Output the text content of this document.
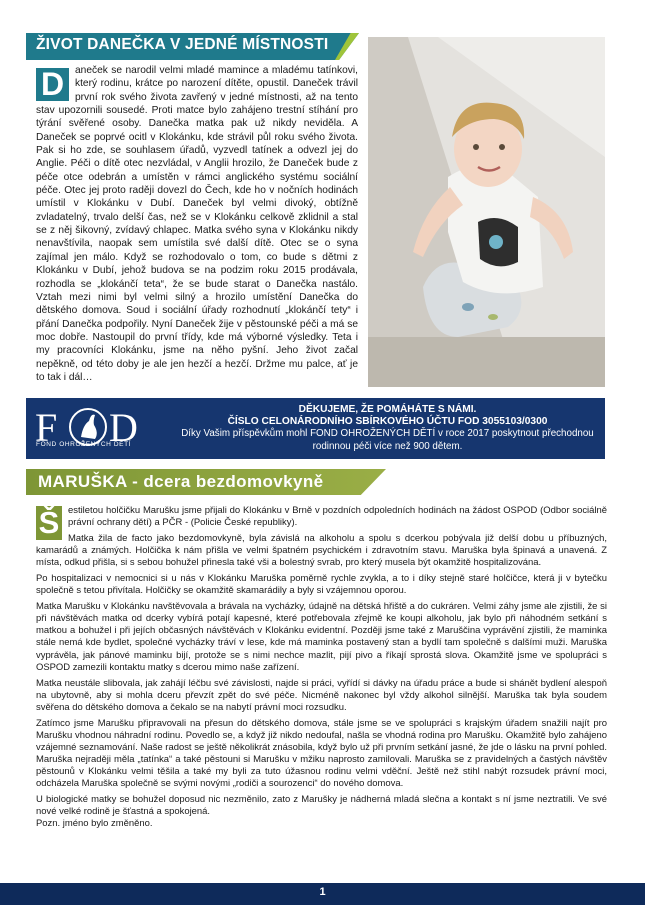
ŽIVOT DANEČKA V JEDNÉ MÍSTNOSTI
D	aneček se narodil velmi mladé mamince a mladému tatínkovi, který rodinu, krátce po narození dítěte, opustil. Daneček trávil první rok svého života zavřený v jedné místnosti, až na tento stav upozornili sousedé. Proti matce bylo zahájeno trestní stíhání pro týrání svěřené osoby. Danečka matka pak už nikdy neviděla. A Daneček se poprvé ocitl v Klokánku, kde strávil půl roku svého života. Pak si ho zde, se souhlasem úřadů, vyzvedl tatínek a odvezl jej do Anglie. Péči o dítě otec nezvládal, v Anglii hrozilo, že Daneček bude z péče otce odebrán a umístěn v rámci anglického systému sociální péče. Otec jej proto raději dovezl do Čech, kde ho v nočních hodinách umístil v Klokánku v Dubí. Daneček byl velmi divoký, obtížně zvladatelný, trvalo delší čas, než se v Klokánku celkově zklidnil a stal se z něj šikovný, zvídavý chlapec. Matka svého syna v Klokánku nikdy nenavštívila, naopak sem umístila své další dítě. Otec se o syna zajímal jen málo. Když se rozhodovalo o tom, co bude s dětmi z Klokánku v Dubí, jehož budova se na podzim roku 2015 prodávala, rozhodla se „klokánčí teta“, že se bude starat o Danečka nastálo. Vztah mezi nimi byl velmi silný a hrozilo umístění Danečka do dětského domova. Soud i sociální úřady rozhodnutí „klokánčí tety“ i přání Danečka podpořily. Nyní Daneček žije v pěstounské péči a má se moc dobře. Nastoupil do první třídy, kde má výborné výsledky. Teta i my pracovníci Klokánku, jsme na něho pyšní. Jeho život začal nepěkně, od této doby je ale jen hezčí a hezčí. Držme mu palce, ať je to tak i dál…
F D
FOND OHROŽENÝCH DĚTÍ
DĚKUJEME, ŽE POMÁHÁTE S NÁMI.
ČÍSLO CELONÁRODNÍHO SBÍRKOVÉHO ÚČTU FOD 3055103/0300
Díky Vašim příspěvkům mohl FOND OHROŽENÝCH DĚTÍ v roce 2017 poskytnout přechodnou rodinnou péči více než 900 dětem.
MARUŠKA - dcera bezdomovkyně

Š estiletou holčičku Marušku jsme přijali do Klokánku v Brně v pozdních odpoledních hodinách na žádost OSPOD (Odbor sociálně právní ochrany dětí) a PČR - (Policie České republiky).

Matka žila de facto jako bezdomovkyně, byla závislá na alkoholu a spolu s dcerkou pobývala již delší dobu u příbuzných, kamarádů a známých. Holčička k nám přišla ve velmi špatném psychickém i zdravotním stavu. Maruška byla špinavá a unavená. Z místa, odkud přišla, si s sebou bohužel přinesla také vši a bolestný svrab, pro který musela být okamžitě hospitalizována.

Po hospitalizaci v nemocnici si u nás v Klokánku Maruška poměrně rychle zvykla, a to i díky stejně staré holčičce, která ji v bytečku společně s tetou přivítala. Holčičky se okamžitě skamarádily a byly si vzájemnou oporou.

Matka Marušku v Klokánku navštěvovala a brávala na vycházky, údajně na dětská hřiště a do cukráren. Velmi záhy jsme ale zjistili, že si při návštěvách matka od dcerky vybírá potají kapesné, které potřebovala zřejmě ke koupi alkoholu, jak bylo při náhodném setkání s matkou a bohužel i při jejích občasných návštěvách v Klokánku evidentní. Později jsme také z Maruščina vyprávění zjistili, že maminka stále nemá kde bydlet, společné vycházky tráví v lese, kde má maminka postavený stan a bydlí tam společně s dalšími muži. Maruška vyprávěla, jak pánové maminku bijí, protože se s nimi nechce mazlit, pijí pivo a říkají sprostá slova. Okamžitě jsme ve spolupráci s OSPOD zamezili kontaktu matky s dcerou mimo naše zařízení.

Matka neustále slibovala, jak zahájí léčbu své závislosti, najde si práci, vyřídí si dávky na úřadu práce a bude si shánět bydlení alespoň na ubytovně, aby si mohla dceru převzít zpět do své péče. Nicméně nakonec byl vždy alkohol silnější. Maruška tak byla soudem svěřena do dětského domova a čekalo se na nabytí právní moci rozsudku.

Zatímco jsme Marušku připravovali na přesun do dětského domova, stále jsme se ve spolupráci s krajským úřadem snažili najít pro Marušku vhodnou náhradní rodinu. Povedlo se, a když již nikdo nedoufal, našla se vhodná rodina pro Marušku. Okamžitě bylo zahájeno vzájemné seznamování. Naše radost se ještě několikrát znásobila, když bylo už při prvním setkání jasné, že jde o lásku na první pohled. Maruška nejraději měla „tatínka“ a také pěstouni si Marušku v mžiku naprosto zamilovali. Maruška se z pravidelných a častých návštěv pěstounů v Klokánku velmi těšila a také my byli za tuto úžasnou rodinu velmi vděční. Ještě než stihl nabýt rozsudek právní moci, odcházela Maruška společně se svými novými „rodiči a sourozenci“ do nového domova.

U biologické matky se bohužel doposud nic nezměnilo, zato z Marušky je nádherná mladá slečna a kontakt s ní jsme neztratili. Ve své nové velké rodině je šťastná a spokojená.

Pozn. jméno bylo změněno.

1
